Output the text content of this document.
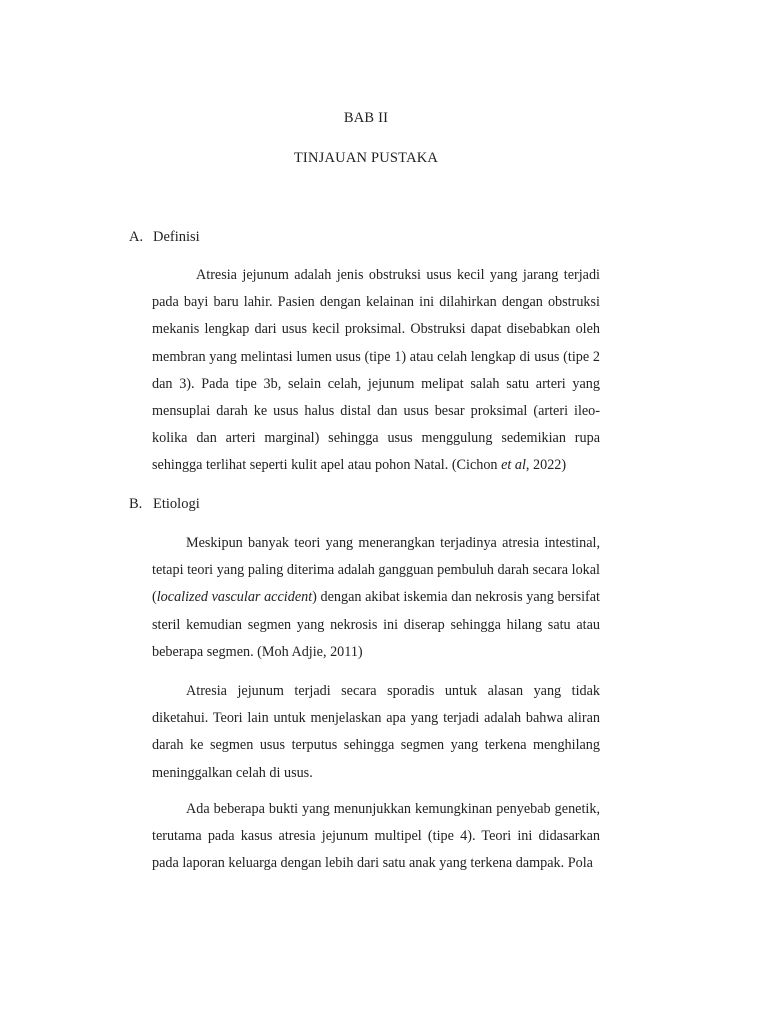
BAB II
TINJAUAN PUSTAKA
A. Definisi

Atresia jejunum adalah jenis obstruksi usus kecil yang jarang terjadi pada bayi baru lahir. Pasien dengan kelainan ini dilahirkan dengan obstruksi mekanis lengkap dari usus kecil proksimal. Obstruksi dapat disebabkan oleh membran yang melintasi lumen usus (tipe 1) atau celah lengkap di usus (tipe 2 dan 3). Pada tipe 3b, selain celah, jejunum melipat salah satu arteri yang mensuplai darah ke usus halus distal dan usus besar proksimal (arteri ileo-kolika dan arteri marginal) sehingga usus menggulung sedemikian rupa sehingga terlihat seperti kulit apel atau pohon Natal. (Cichon et al, 2022)

B. Etiologi

Meskipun banyak teori yang menerangkan terjadinya atresia intestinal, tetapi teori yang paling diterima adalah gangguan pembuluh darah secara lokal (localized vascular accident) dengan akibat iskemia dan nekrosis yang bersifat steril kemudian segmen yang nekrosis ini diserap sehingga hilang satu atau beberapa segmen. (Moh Adjie, 2011)

Atresia jejunum terjadi secara sporadis untuk alasan yang tidak diketahui. Teori lain untuk menjelaskan apa yang terjadi adalah bahwa aliran darah ke segmen usus terputus sehingga segmen yang terkena menghilang meninggalkan celah di usus.

Ada beberapa bukti yang menunjukkan kemungkinan penyebab genetik, terutama pada kasus atresia jejunum multipel (tipe 4). Teori ini didasarkan pada laporan keluarga dengan lebih dari satu anak yang terkena dampak. Pola
